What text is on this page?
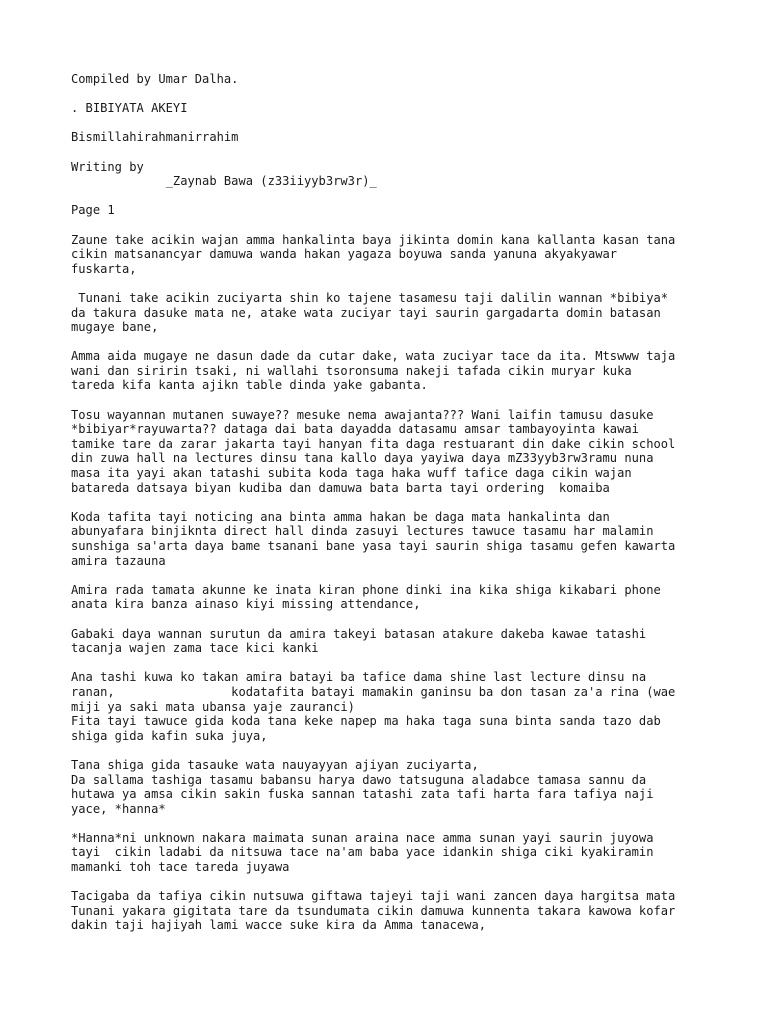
Compiled by Umar Dalha.

. BIBIYATA AKEYI

Bismillahirahmanirrahim

Writing by
_Zaynab Bawa (z33iiyyb3rw3r)_

Page 1

Zaune take acikin wajan amma hankalinta baya jikinta domin kana kallanta kasan tana
cikin matsanancyar damuwa wanda hakan yagaza boyuwa sanda yanuna akyakyawar
fuskarta,

Tunani take acikin zuciyarta shin ko tajene tasamesu taji dalilin wannan *bibiya*
da takura dasuke mata ne, atake wata zuciyar tayi saurin gargadarta domin batasan
mugaye bane,

Amma aida mugaye ne dasun dade da cutar dake, wata zuciyar tace da ita. Mtswww taja
wani dan siririn tsaki, ni wallahi tsoronsuma nakeji tafada cikin muryar kuka
tareda kifa kanta ajikn table dinda yake gabanta.

Tosu wayannan mutanen suwaye?? mesuke nema awajanta??? Wani laifin tamusu dasuke
*bibiyar*rayuwarta?? dataga dai bata dayadda datasamu amsar tambayoyinta kawai
tamike tare da zarar jakarta tayi hanyan fita daga restuarant din dake cikin school
din zuwa hall na lectures dinsu tana kallo daya yayiwa daya mZ33yyb3rw3ramu nuna
masa ita yayi akan tatashi subita koda taga haka wuff tafice daga cikin wajan
batareda datsaya biyan kudiba dan damuwa bata barta tayi ordering  komaiba

Koda tafita tayi noticing ana binta amma hakan be daga mata hankalinta dan
abunyafara binjiknta direct hall dinda zasuyi lectures tawuce tasamu har malamin
sunshiga sa'arta daya bame tsanani bane yasa tayi saurin shiga tasamu gefen kawarta
amira tazauna

Amira rada tamata akunne ke inata kiran phone dinki ina kika shiga kikabari phone
anata kira banza ainaso kiyi missing attendance,

Gabaki daya wannan surutun da amira takeyi batasan atakure dakeba kawae tatashi
tacanja wajen zama tace kici kanki

Ana tashi kuwa ko takan amira batayi ba tafice dama shine last lecture dinsu na
ranan,                kodatafita batayi mamakin ganinsu ba don tasan za'a rina (wae
miji ya saki mata ubansa yaje zauranci)
Fita tayi tawuce gida koda tana keke napep ma haka taga suna binta sanda tazo dab
shiga gida kafin suka juya,

Tana shiga gida tasauke wata nauyayyan ajiyan zuciyarta,
Da sallama tashiga tasamu babansu harya dawo tatsuguna aladabce tamasa sannu da
hutawa ya amsa cikin sakin fuska sannan tatashi zata tafi harta fara tafiya naji
yace, *hanna*

*Hanna*ni unknown nakara maimata sunan araina nace amma sunan yayi saurin juyowa
tayi  cikin ladabi da nitsuwa tace na'am baba yace idankin shiga ciki kyakiramin
mamanki toh tace tareda juyawa

Tacigaba da tafiya cikin nutsuwa giftawa tajeyi taji wani zancen daya hargitsa mata
Tunani yakara gigitata tare da tsundumata cikin damuwa kunnenta takara kawowa kofar
dakin taji hajiyah lami wacce suke kira da Amma tanacewa,
